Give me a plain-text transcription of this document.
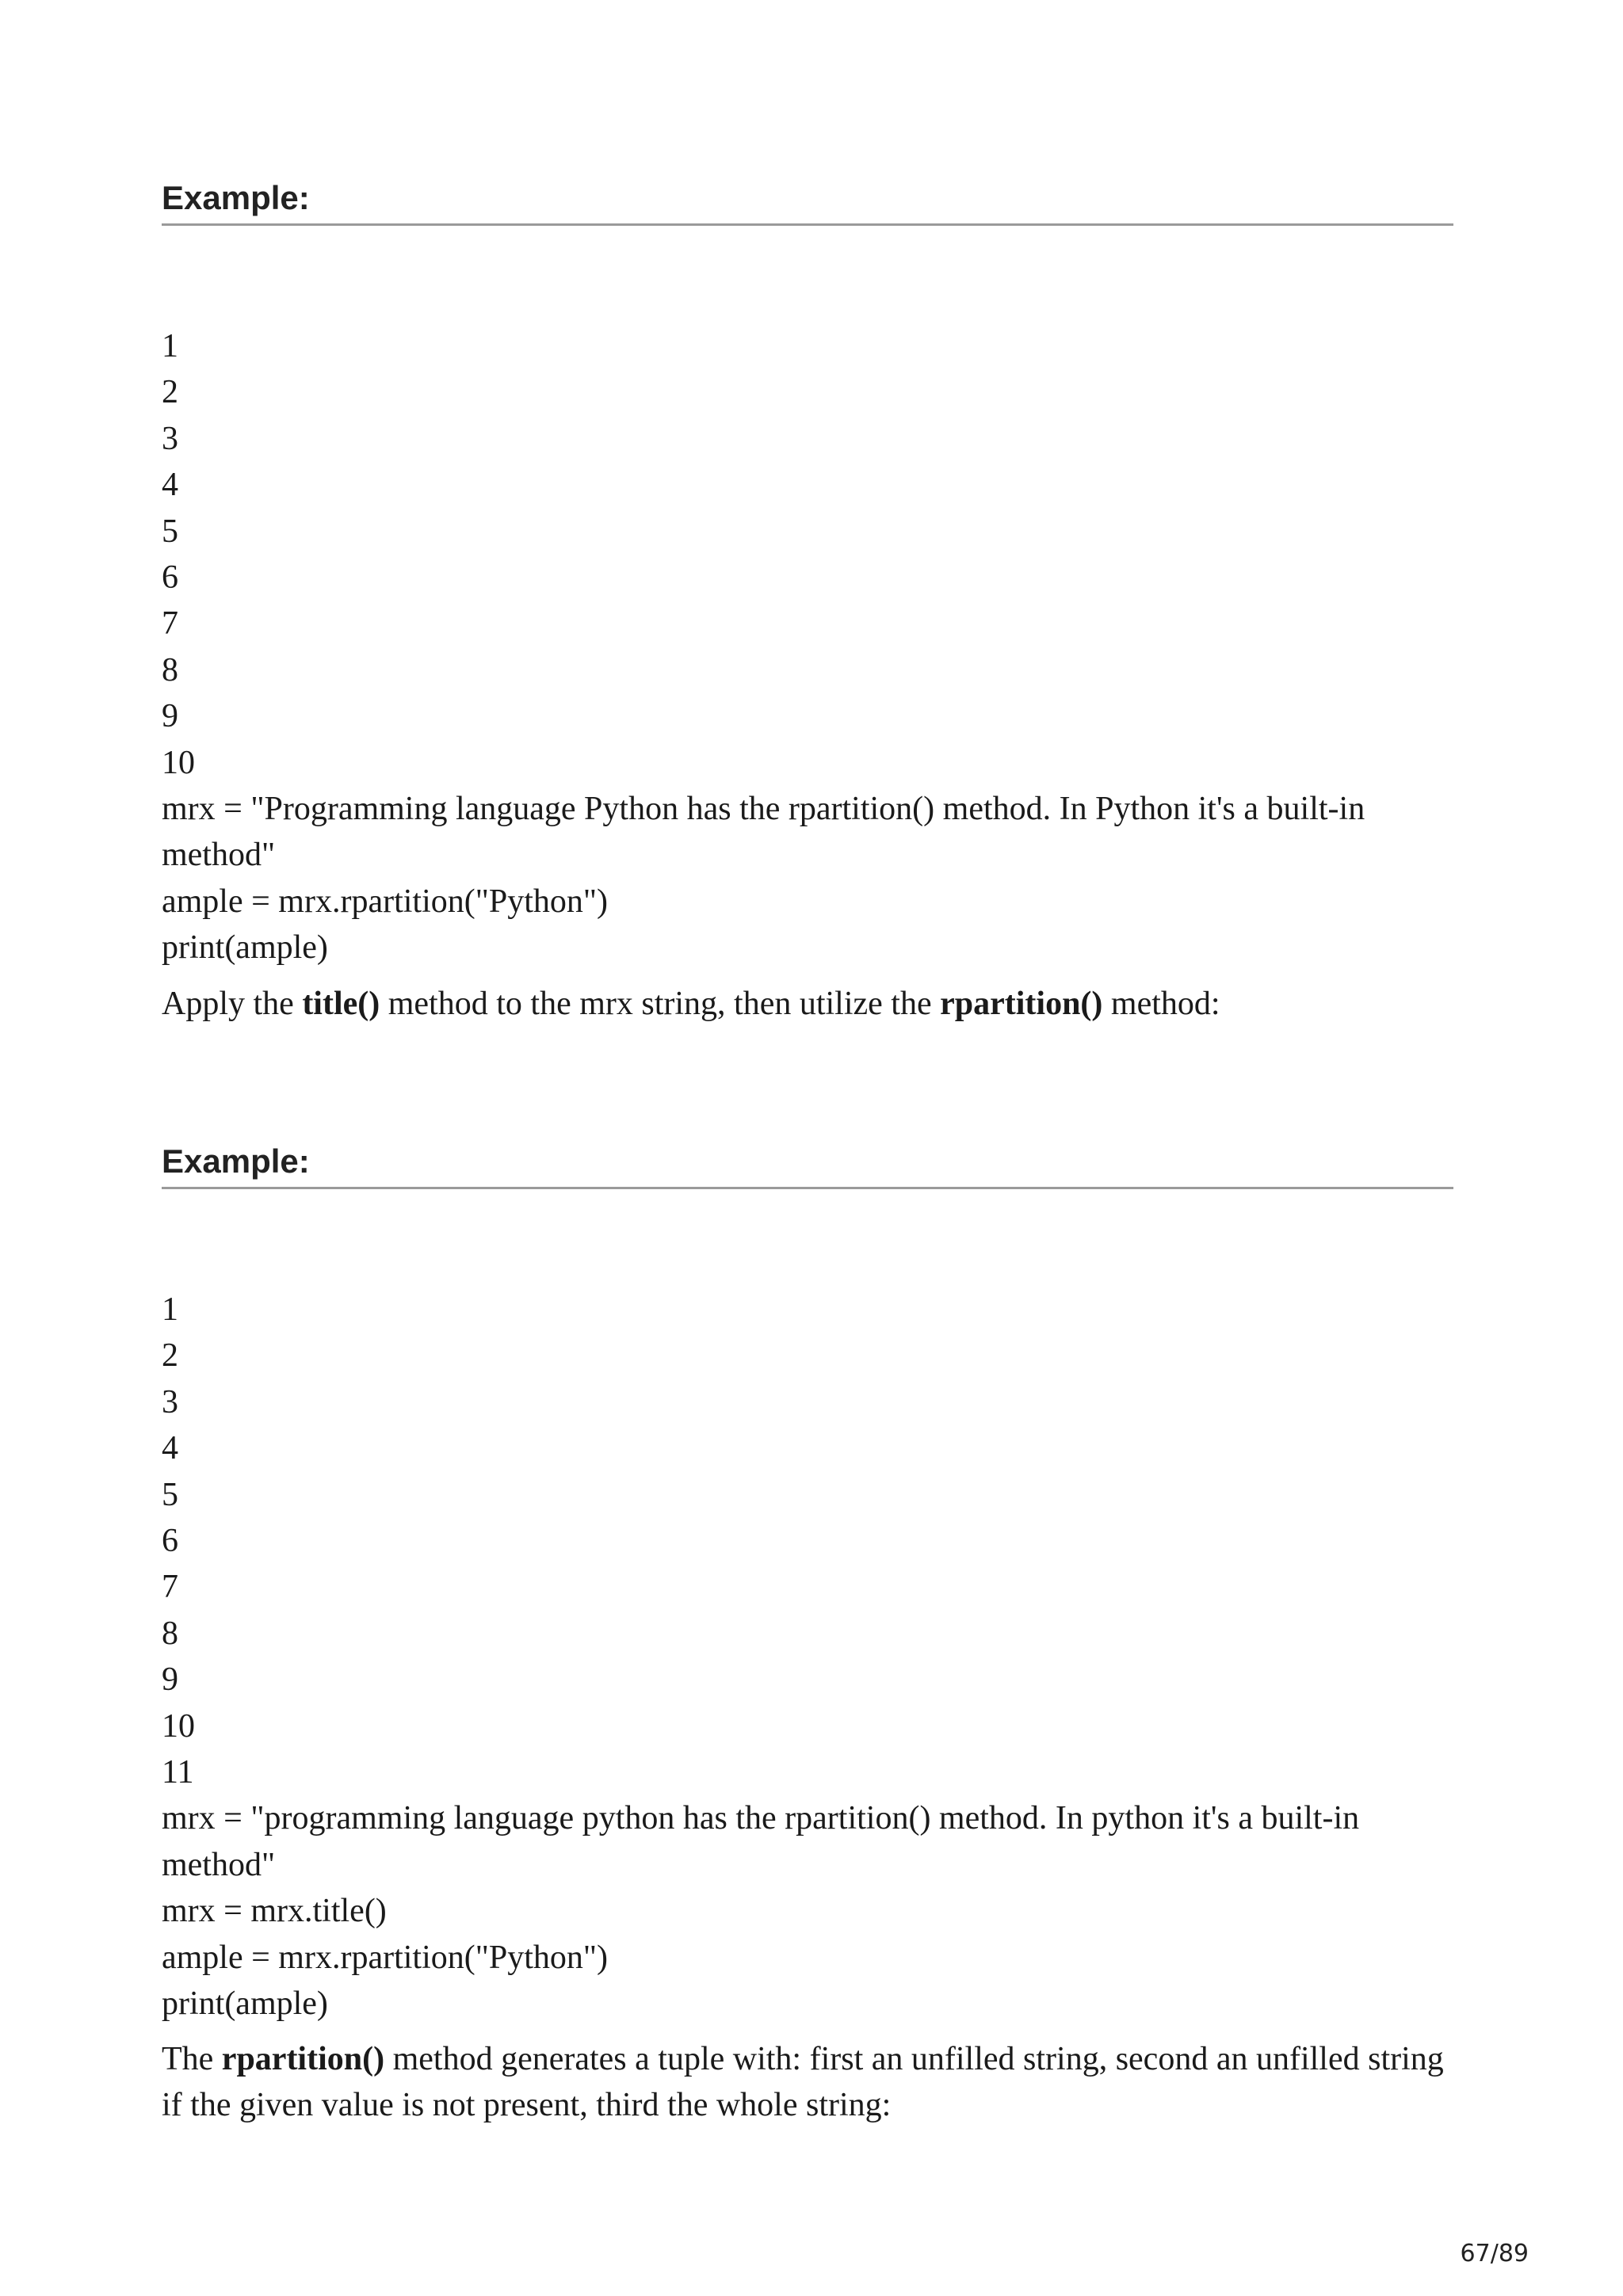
Example:
1
2
3
4
5
6
7
8
9
10
mrx = "Programming language Python has the rpartition() method. In Python it's a built-in method"
ample = mrx.rpartition("Python")
print(ample)

Apply the title() method to the mrx string, then utilize the rpartition() method:

Example:
1
2
3
4
5
6
7
8
9
10
11
mrx = "programming language python has the rpartition() method. In python it's a built-in method"
mrx = mrx.title()
ample = mrx.rpartition("Python")
print(ample)

The rpartition() method generates a tuple with: first an unfilled string, second an unfilled string if the given value is not present, third the whole string:

67/89
